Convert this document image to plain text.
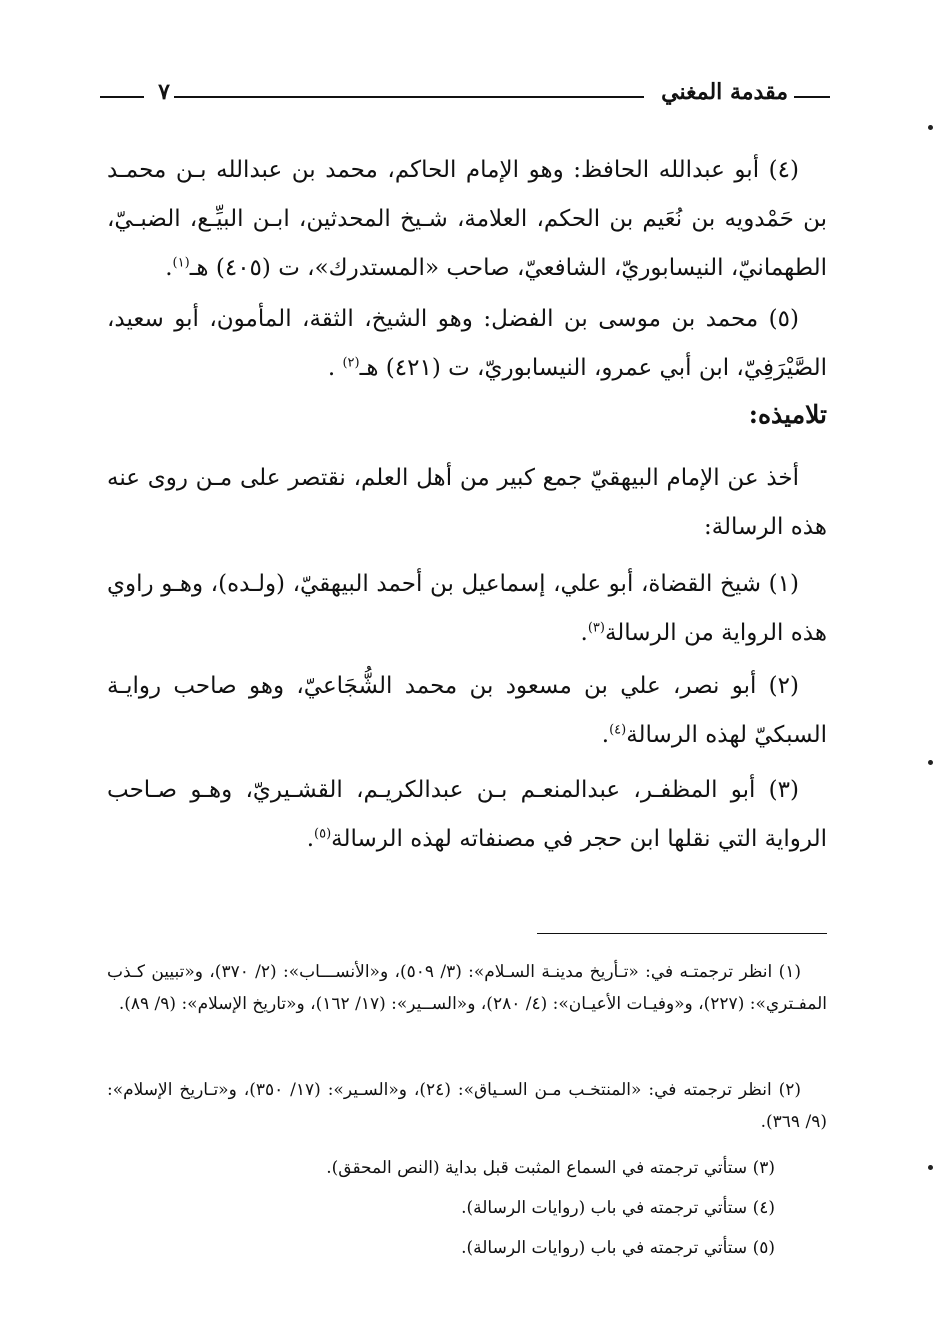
مقدمة المغني
٧
(٤) أبو عبدالله الحافظ: وهو الإمام الحاكم، محمد بن عبدالله بـن محمـد بن حَمْدويه بن نُعَيم بن الحكم، العلامة، شـيخ المحدثين، ابـن البيِّـع، الضبـيّ، الطهمانيّ، النيسابوريّ، الشافعيّ، صاحب «المستدرك»، ت (٤٠٥) هـ$^{(١)}$.
(٥) محمد بن موسى بن الفضل: وهو الشيخ، الثقة، المأمون، أبو سعيد، الصَّيْرَفِيّ، ابن أبي عمرو، النيسابوريّ، ت (٤٢١) هـ$^{(٢)}$ .
تلاميذه:
أخذ عن الإمام البيهقيّ جمع كبير من أهل العلم، نقتصر على مـن روى عنه هذه الرسالة:
(١) شيخ القضاة، أبو علي، إسماعيل بن أحمد البيهقيّ، (ولـده)، وهـو راوي هذه الرواية من الرسالة$^{(٣)}$.
(٢) أبو نصر، علي بن مسعود بن محمد الشُّجَاعيّ، وهو صاحب روايـة السبكيّ لهذه الرسالة$^{(٤)}$.
(٣) أبو المظفـر، عبدالمنعـم بـن عبدالكريـم، القشـيريّ، وهـو صـاحب الرواية التي نقلها ابن حجر في مصنفاته لهذه الرسالة$^{(٥)}$.
(١) انظر ترجمتـه في: «تـأريخ مدينـة السـلام»: (٣/ ٥٠٩)، و«الأنســـاب»: (٢/ ٣٧٠)، و«تبيين كـذب المفـتري»: (٢٢٧)، و«وفيـات الأعيـان»: (٤/ ٢٨٠)، و«الســير»: (١٧/ ١٦٢)، و«تاريخ الإسلام»: (٩/ ٨٩).
(٢) انظر ترجمته في: «المنتخـب مـن السـياق»: (٢٤)، و«السـير»: (١٧/ ٣٥٠)، و«تـاريخ الإسلام»: (٩/ ٣٦٩).
(٣) ستأتي ترجمته في السماع المثبت قبل بداية (النص المحقق).
(٤) ستأتي ترجمته في باب (روايات الرسالة).
(٥) ستأتي ترجمته في باب (روايات الرسالة).
